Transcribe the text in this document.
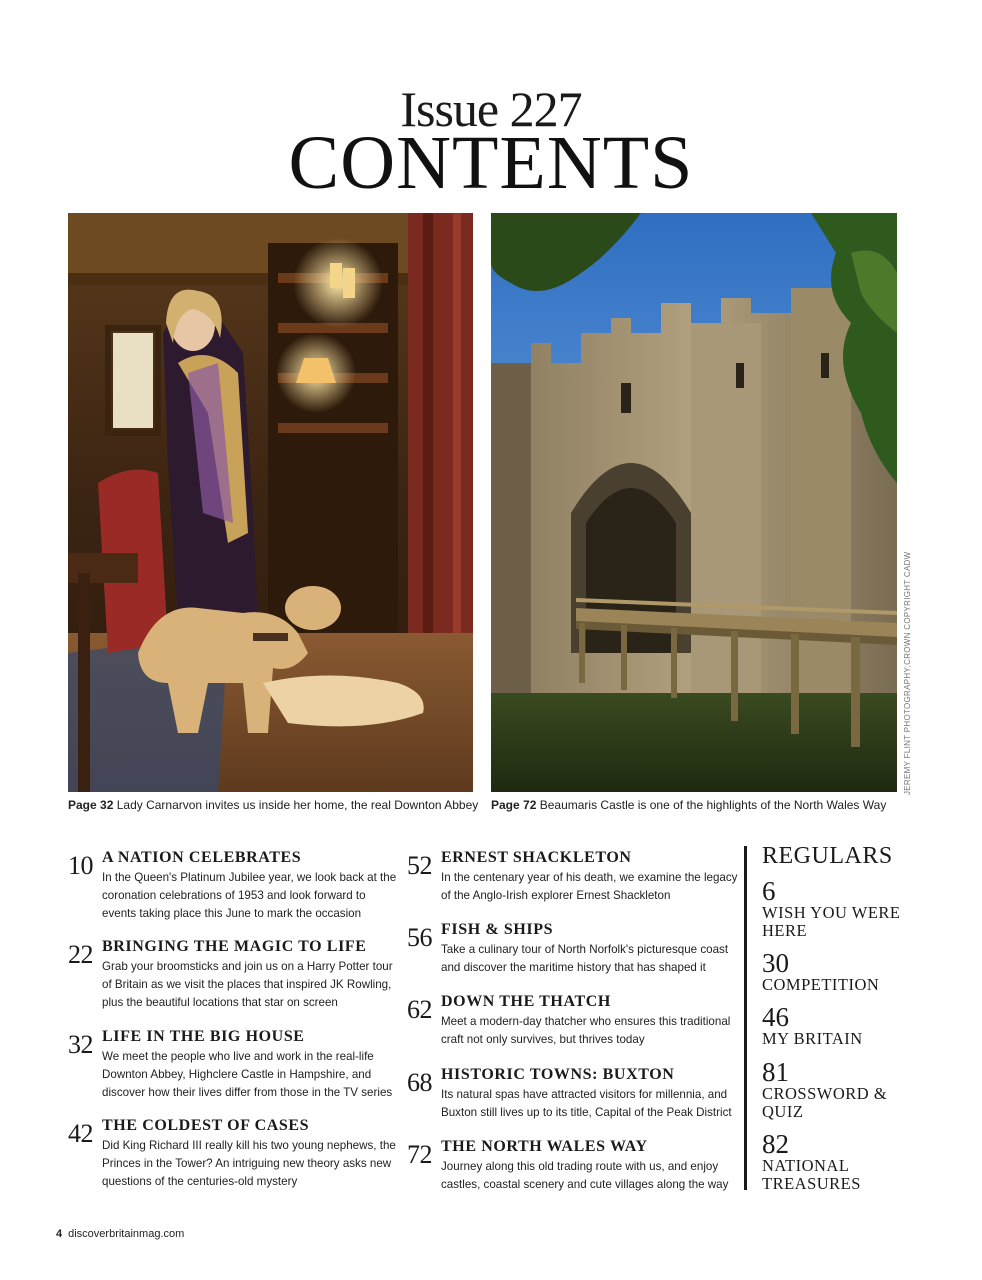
Issue 227
CONTENTS
JEREMY FLINT PHOTOGRAPHY;CROWN COPYRIGHT CADW
Page 32 Lady Carnarvon invites us inside her home, the real Downton Abbey Page 72 Beaumaris Castle is one of the highlights of the North Wales Way
10 A NATION CELEBRATES
In the Queen's Platinum Jubilee year, we look back at the coronation celebrations of 1953 and look forward to events taking place this June to mark the occasion
22 BRINGING THE MAGIC TO LIFE
Grab your broomsticks and join us on a Harry Potter tour of Britain as we visit the places that inspired JK Rowling, plus the beautiful locations that star on screen
32 LIFE IN THE BIG HOUSE
We meet the people who live and work in the real-life Downton Abbey, Highclere Castle in Hampshire, and discover how their lives differ from those in the TV series
42 THE COLDEST OF CASES
Did King Richard III really kill his two young nephews, the Princes in the Tower? An intriguing new theory asks new questions of the centuries-old mystery
52 ERNEST SHACKLETON
In the centenary year of his death, we examine the legacy of the Anglo-Irish explorer Ernest Shackleton
56 FISH & SHIPS
Take a culinary tour of North Norfolk's picturesque coast and discover the maritime history that has shaped it
62 DOWN THE THATCH
Meet a modern-day thatcher who ensures this traditional craft not only survives, but thrives today
68 HISTORIC TOWNS: BUXTON
Its natural spas have attracted visitors for millennia, and Buxton still lives up to its title, Capital of the Peak District
72 THE NORTH WALES WAY
Journey along this old trading route with us, and enjoy castles, coastal scenery and cute villages along the way
REGULARS
6
WISH YOU WERE HERE
30
COMPETITION
46
MY BRITAIN
81
CROSSWORD & QUIZ
82
NATIONAL TREASURES
4 discoverbritainmag.com
